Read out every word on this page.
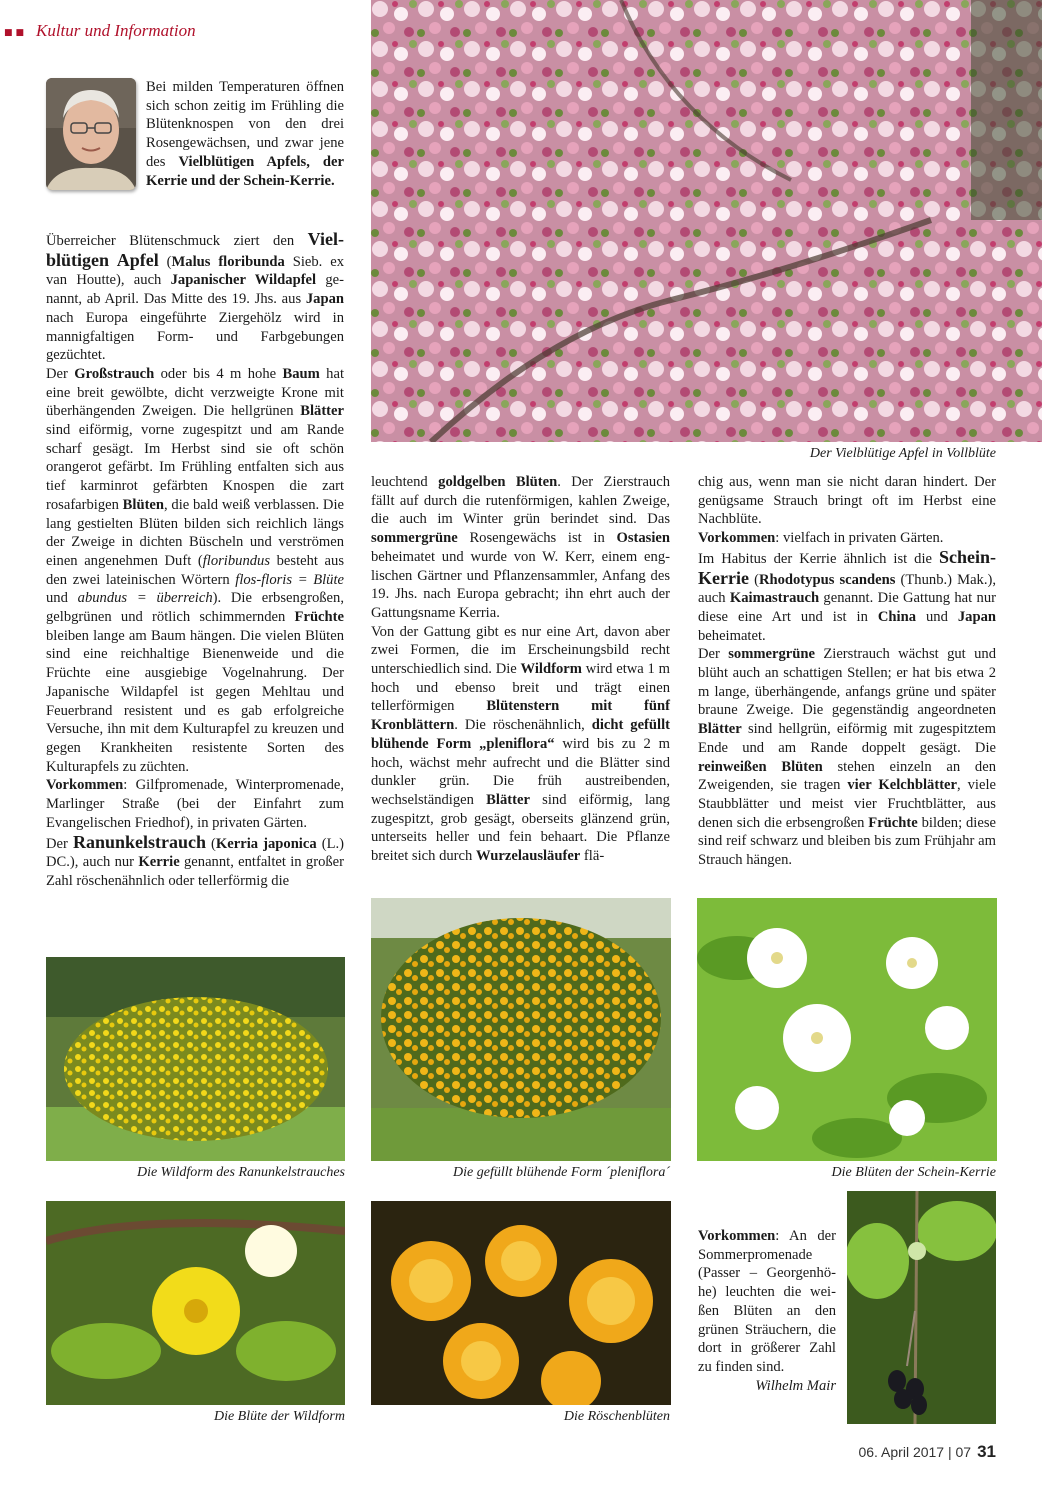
■■ Kultur und Information

Bei milden Temperaturen öffnen sich schon zeitig im Frühling die Blütenknospen von den drei Rosengewächsen, und zwar jene des Vielblütigen Apfels, der Kerrie und der Schein-Kerrie.

Überreicher Blütenschmuck ziert den Vielblütigen Apfel (Malus floribunda Sieb. ex van Houtte), auch Japanischer Wildapfel genannt, ab April. Das Mitte des 19. Jhs. aus Japan nach Europa eingeführte Ziergehölz wird in mannigfaltigen Form- und Farbgebungen gezüchtet.

Der Großstrauch oder bis 4 m hohe Baum hat eine breit gewölbte, dicht verzweigte Krone mit überhängenden Zweigen. Die hellgrünen Blätter sind eiförmig, vorne zugespitzt und am Rande scharf gesägt. Im Herbst sind sie oft schön orangerot gefärbt. Im Frühling entfalten sich aus tief karminrot gefärbten Knospen die zart rosafarbigen Blüten, die bald weiß verblassen. Die lang gestielten Blüten bilden sich reichlich längs der Zweige in dichten Büscheln und verströmen einen angenehmen Duft (floribundus besteht aus den zwei lateinischen Wörtern flos-floris = Blüte und abundus = überreich). Die erbsengroßen, gelbgrünen und rötlich schimmernden Früchte bleiben lange am Baum hängen. Die vielen Blüten sind eine reichhaltige Bienenweide und die Früchte eine ausgiebige Vogelnahrung. Der Japanische Wildapfel ist gegen Mehltau und Feuerbrand resistent und es gab erfolgreiche Versuche, ihn mit dem Kulturapfel zu kreuzen und gegen Krankheiten resistente Sorten des Kulturapfels zu züchten.

Vorkommen: Gilfpromenade, Winterpromenade, Marlinger Straße (bei der Einfahrt zum Evangelischen Friedhof), in privaten Gärten.

Der Ranunkelstrauch (Kerria japonica (L.) DC.), auch nur Kerrie genannt, entfaltet in großer Zahl röschenähnlich oder tellerförmig die

Der Vielblütige Apfel in Vollblüte

leuchtend goldgelben Blüten. Der Zierstrauch fällt auf durch die rutenförmigen, kahlen Zweige, die auch im Winter grün berindet sind. Das sommergrüne Rosengewächs ist in Ostasien beheimatet und wurde von W. Kerr, einem englischen Gärtner und Pflanzensammler, Anfang des 19. Jhs. nach Europa gebracht; ihn ehrt auch der Gattungsname Kerria.

Von der Gattung gibt es nur eine Art, davon aber zwei Formen, die im Erscheinungsbild recht unterschiedlich sind. Die Wildform wird etwa 1 m hoch und ebenso breit und trägt einen tellerförmigen Blütenstern mit fünf Kronblättern. Die röschenähnlich, dicht gefüllt blühende Form „pleniflora“ wird bis zu 2 m hoch, wächst mehr aufrecht und die Blätter sind dunkler grün. Die früh austreibenden, wechselständigen Blätter sind eiförmig, lang zugespitzt, grob gesägt, oberseits glänzend grün, unterseits heller und fein behaart. Die Pflanze breitet sich durch Wurzelausläufer flä-

chig aus, wenn man sie nicht daran hindert. Der genügsame Strauch bringt oft im Herbst eine Nachblüte.

Vorkommen: vielfach in privaten Gärten.

Im Habitus der Kerrie ähnlich ist die Schein-Kerrie (Rhodotypus scandens (Thunb.) Mak.), auch Kaimastrauch genannt. Die Gattung hat nur diese eine Art und ist in China und Japan beheimatet.

Der sommergrüne Zierstrauch wächst gut und blüht auch an schattigen Stellen; er hat bis etwa 2 m lange, überhängende, anfangs grüne und später braune Zweige. Die gegenständig angeordneten Blätter sind hellgrün, eiförmig mit zugespitztem Ende und am Rande doppelt gesägt. Die reinweißen Blüten stehen einzeln an den Zweigenden, sie tragen vier Kelchblätter, viele Staubblätter und meist vier Fruchtblätter, aus denen sich die erbsengroßen Früchte bilden; diese sind reif schwarz und bleiben bis zum Frühjahr am Strauch hängen.

Die Wildform des Ranunkelstrauches	Die gefüllt blühende Form ´pleniflora´	Die Blüten der Schein-Kerrie
Die Blüte der Wildform	Die Röschenblüten

Vorkommen: An der Sommerpromenade (Passer – Georgenhöhe) leuchten die weißen Blüten an den grünen Sträuchern, die dort in größerer Zahl zu finden sind.

Wilhelm Mair

06. April 2017 | 07 31
